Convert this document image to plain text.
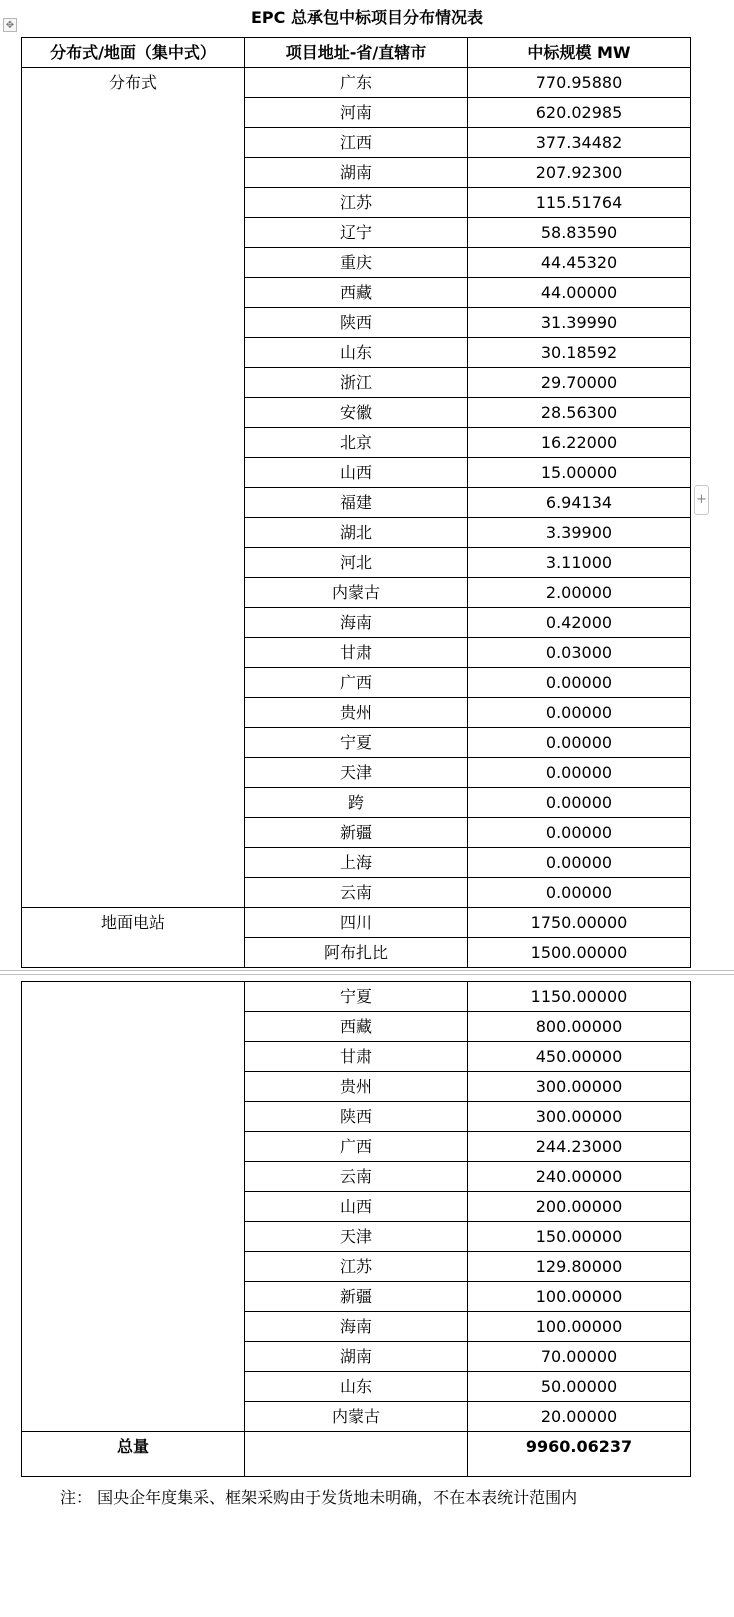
EPC 总承包中标项目分布情况表
✥
+
分布式/地面（集中式）	项目地址-省/直辖市	中标规模 MW
分布式	广东	770.95880
	河南	620.02985
	江西	377.34482
	湖南	207.92300
	江苏	115.51764
	辽宁	58.83590
	重庆	44.45320
	西藏	44.00000
	陕西	31.39990
	山东	30.18592
	浙江	29.70000
	安徽	28.56300
	北京	16.22000
	山西	15.00000
	福建	6.94134
	湖北	3.39900
	河北	3.11000
	内蒙古	2.00000
	海南	0.42000
	甘肃	0.03000
	广西	0.00000
	贵州	0.00000
	宁夏	0.00000
	天津	0.00000
	跨	0.00000
	新疆	0.00000
	上海	0.00000
	云南	0.00000
地面电站	四川	1750.00000
	阿布扎比	1500.00000
	宁夏	1150.00000
	西藏	800.00000
	甘肃	450.00000
	贵州	300.00000
	陕西	300.00000
	广西	244.23000
	云南	240.00000
	山西	200.00000
	天津	150.00000
	江苏	129.80000
	新疆	100.00000
	海南	100.00000
	湖南	70.00000
	山东	50.00000
	内蒙古	20.00000
总量		9960.06237
注： 国央企年度集采、框架采购由于发货地未明确，不在本表统计范围内
